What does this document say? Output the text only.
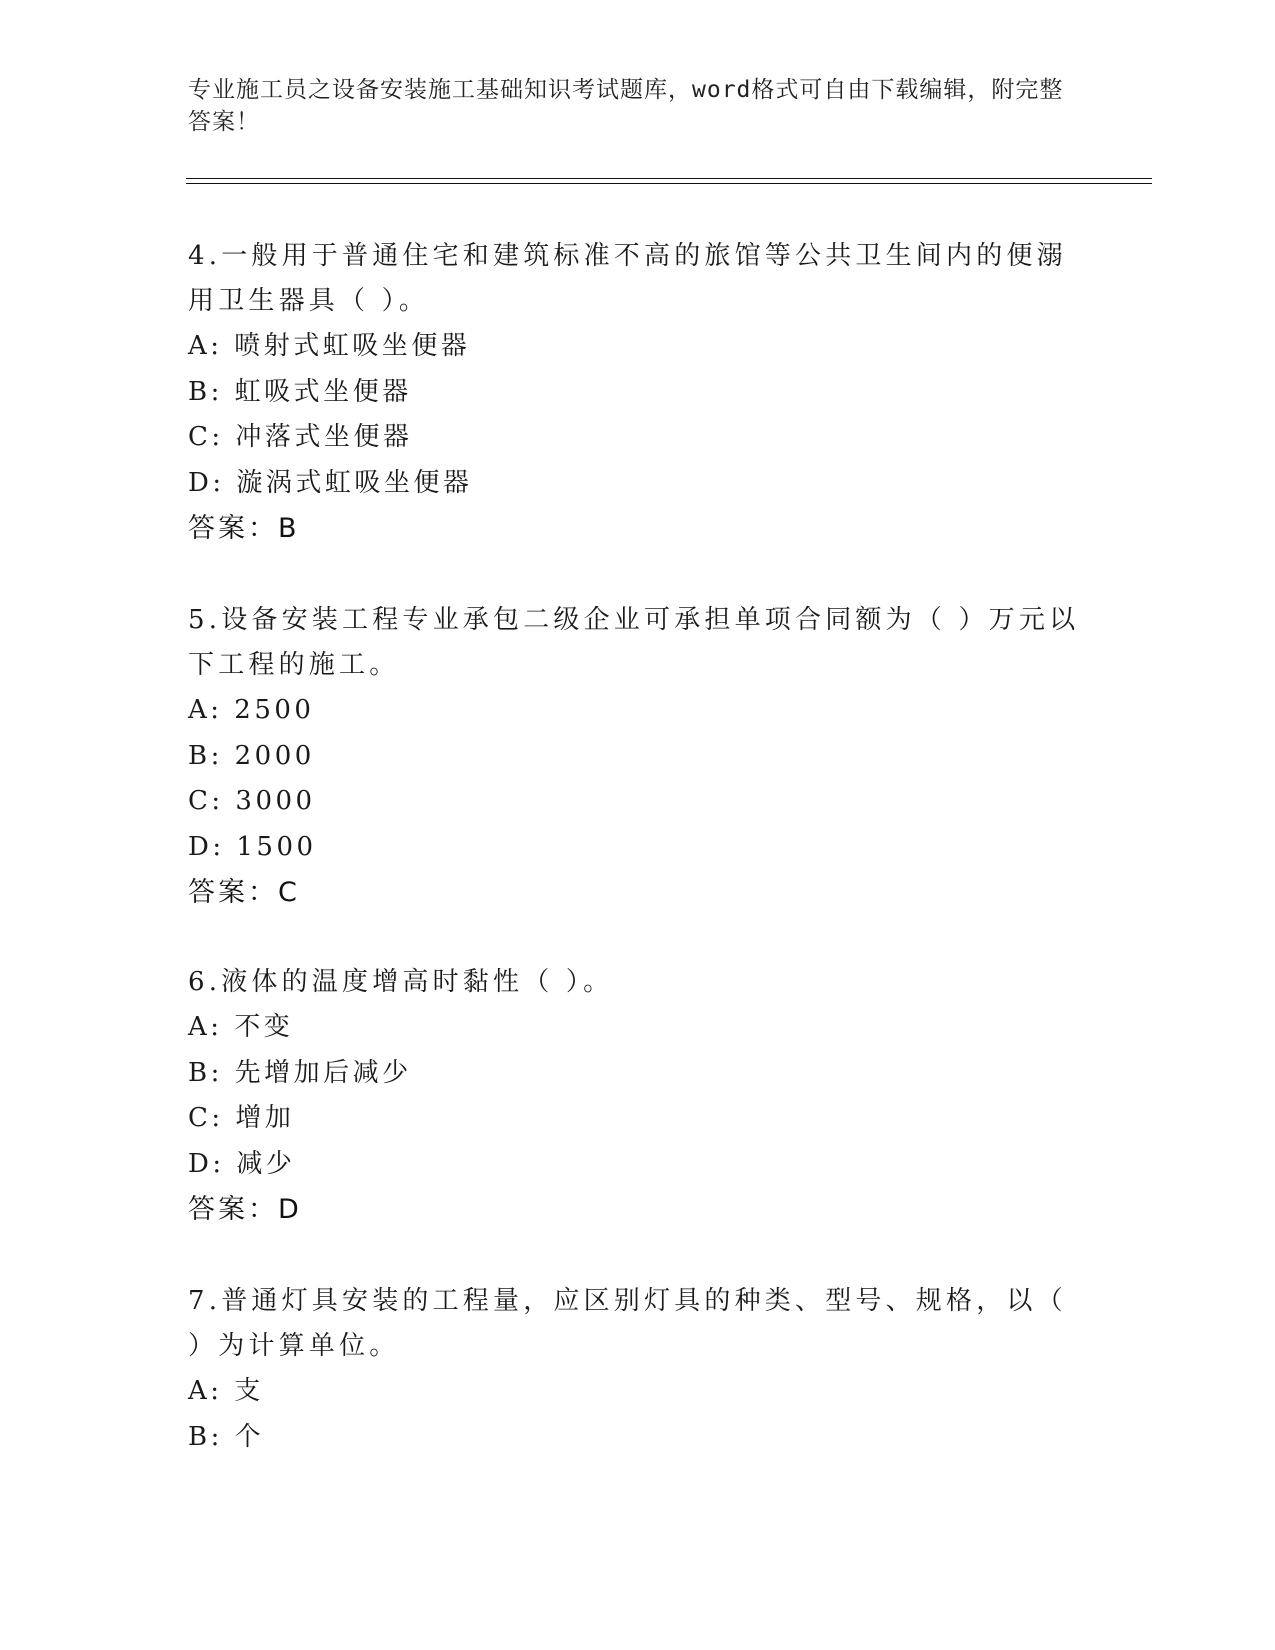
专业施工员之设备安装施工基础知识考试题库，word格式可自由下载编辑，附完整答案！

4.一般用于普通住宅和建筑标准不高的旅馆等公共卫生间内的便溺用卫生器具（ ）。

A: 喷射式虹吸坐便器
B: 虹吸式坐便器
C: 冲落式坐便器
D: 漩涡式虹吸坐便器
答案：B

5.设备安装工程专业承包二级企业可承担单项合同额为（ ）万元以下工程的施工。

A: 2500
B: 2000
C: 3000
D: 1500
答案：C

6.液体的温度增高时黏性（ ）。

A: 不变
B: 先增加后减少
C: 增加
D: 减少
答案：D

7.普通灯具安装的工程量，应区别灯具的种类、型号、规格，以（ ）为计算单位。

A: 支
B: 个
